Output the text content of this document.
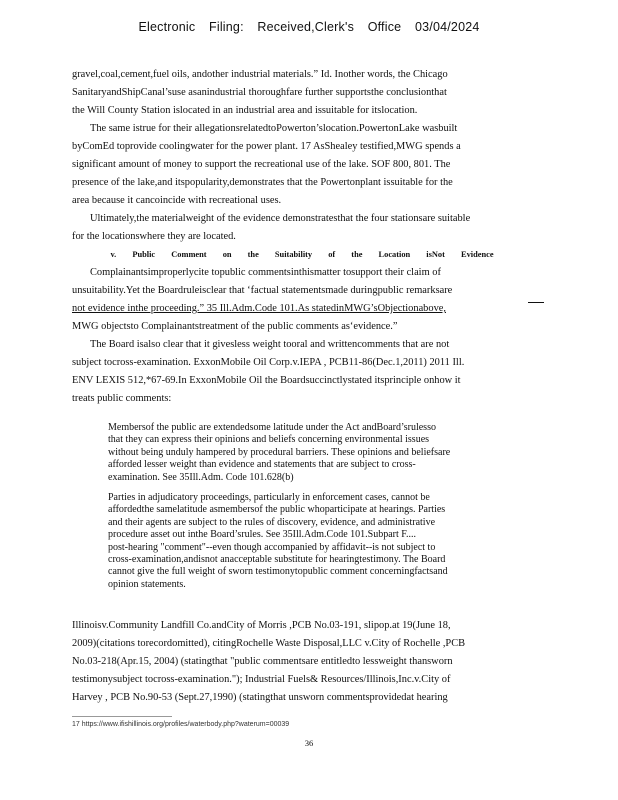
Electronic Filing: Received,Clerk's Office 03/04/2024

gravel,coal,cement,fuel oils, andother industrial materials.” Id. Inother words, the Chicago
SanitaryandShipCanal’suse asanindustrial thoroughfare further supportsthe conclusionthat
the Will County Station islocated in an industrial area and issuitable for itslocation.

The same istrue for their allegationsrelatedtoPowerton’slocation.PowertonLake wasbuilt
byComEd toprovide coolingwater for the power plant. 17 AsShealey testified,MWG spends a
significant amount of money to support the recreational use of the lake. SOF 800, 801. The
presence of the lake,and itspopularity,demonstrates that the Powertonplant issuitable for the
area because it cancoincide with recreational uses.

Ultimately,the materialweight of the evidence demonstratesthat the four stationsare suitable
for the locationswhere they are located.

v. Public Comment on the Suitability of the Location isNot Evidence

Complainantsimproperlycite topublic commentsinthismatter tosupport their claim of
unsuitability.Yet the Boardruleisclear that ‘factual statementsmade duringpublic remarksare
not evidence inthe proceeding.” 35 Ill.Adm.Code 101.As statedinMWG’sObjectionabove,
MWG objectsto Complainantstreatment of the public comments as‘evidence.”

The Board isalso clear that it givesless weight tooral and writtencomments that are not
subject tocross-examination. ExxonMobile Oil Corp.v.IEPA , PCB11-86(Dec.1,2011) 2011 Ill.
ENV LEXIS 512,*67-69.In ExxonMobile Oil the Boardsuccinctlystated itsprinciple onhow it
treats public comments:

Membersof the public are extendedsome latitude under the Act andBoard’srulesso
that they can express their opinions and beliefs concerning environmental issues
without being unduly hampered by procedural barriers. These opinions and beliefsare
afforded lesser weight than evidence and statements that are subject to cross-
examination. See 35Ill.Adm. Code 101.628(b)

Parties in adjudicatory proceedings, particularly in enforcement cases, cannot be
affordedthe samelatitude asmembersof the public whoparticipate at hearings. Parties
and their agents are subject to the rules of discovery, evidence, and administrative
procedure asset out inthe Board’srules. See 35Ill.Adm.Code 101.Subpart F....
post-hearing "comment"--even though accompanied by affidavit--is not subject to
cross-examination,andisnot anacceptable substitute for hearingtestimony. The Board
cannot give the full weight of sworn testimonytopublic comment concerningfactsand
opinion statements.

Illinoisv.Community Landfill Co.andCity of Morris ,PCB No.03-191, slipop.at 19(June 18,
2009)(citations torecordomitted), citingRochelle Waste Disposal,LLC v.City of Rochelle ,PCB
No.03-218(Apr.15, 2004) (statingthat "public commentsare entitledto lessweight thansworn
testimonysubject tocross-examination."); Industrial Fuels& Resources/Illinois,Inc.v.City of
Harvey , PCB No.90-53 (Sept.27,1990) (statingthat unsworn commentsprovidedat hearing
17 https://www.ifishillinois.org/profiles/waterbody.php?waterum=00039
36
